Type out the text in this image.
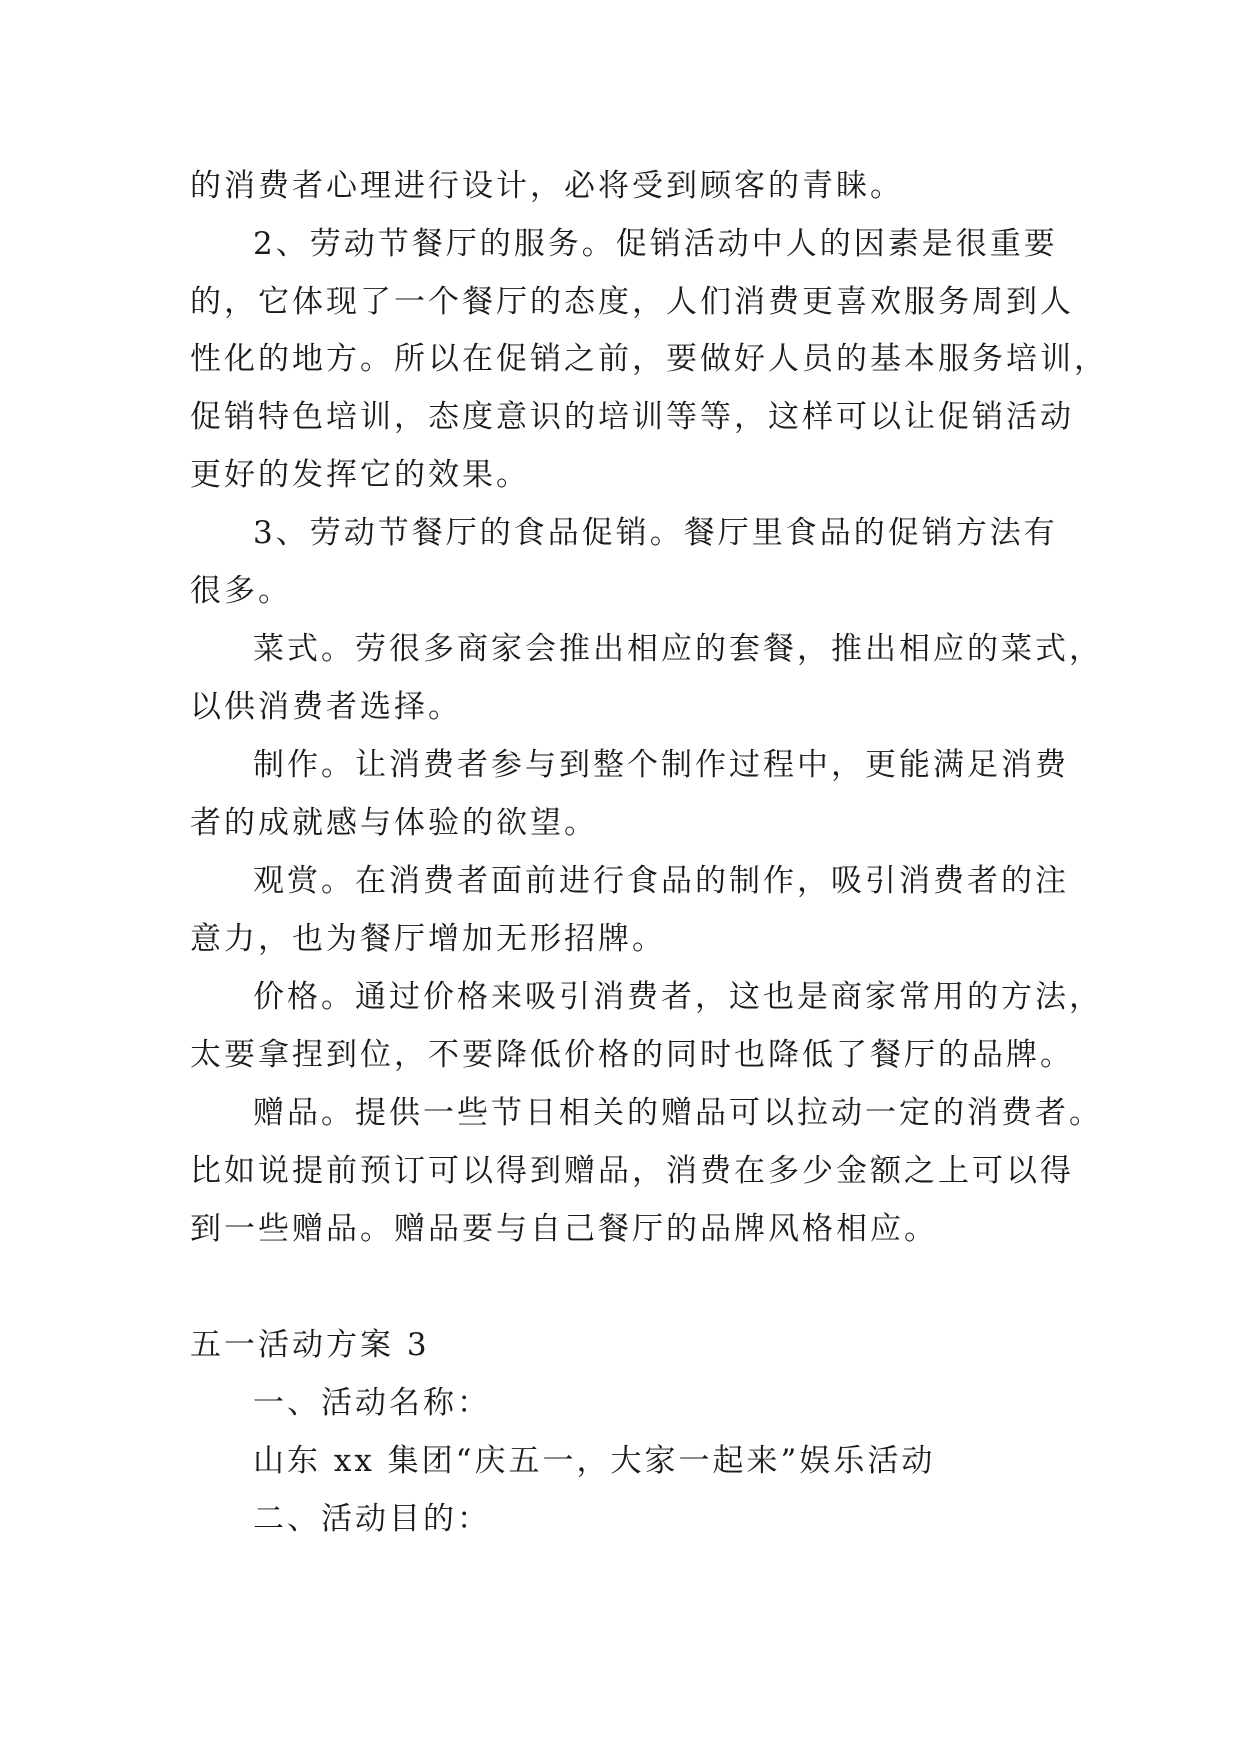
的消费者心理进行设计，必将受到顾客的青睐。
2、劳动节餐厅的服务。促销活动中人的因素是很重要
的，它体现了一个餐厅的态度，人们消费更喜欢服务周到人
性化的地方。所以在促销之前，要做好人员的基本服务培训，
促销特色培训，态度意识的培训等等，这样可以让促销活动
更好的发挥它的效果。
3、劳动节餐厅的食品促销。餐厅里食品的促销方法有
很多。
菜式。劳很多商家会推出相应的套餐，推出相应的菜式，
以供消费者选择。
制作。让消费者参与到整个制作过程中，更能满足消费
者的成就感与体验的欲望。
观赏。在消费者面前进行食品的制作，吸引消费者的注
意力，也为餐厅增加无形招牌。
价格。通过价格来吸引消费者，这也是商家常用的方法，
太要拿捏到位，不要降低价格的同时也降低了餐厅的品牌。
赠品。提供一些节日相关的赠品可以拉动一定的消费者。
比如说提前预订可以得到赠品，消费在多少金额之上可以得
到一些赠品。赠品要与自己餐厅的品牌风格相应。
五一活动方案 3
一、活动名称：
山东 xx 集团“庆五一，大家一起来”娱乐活动
二、活动目的：
